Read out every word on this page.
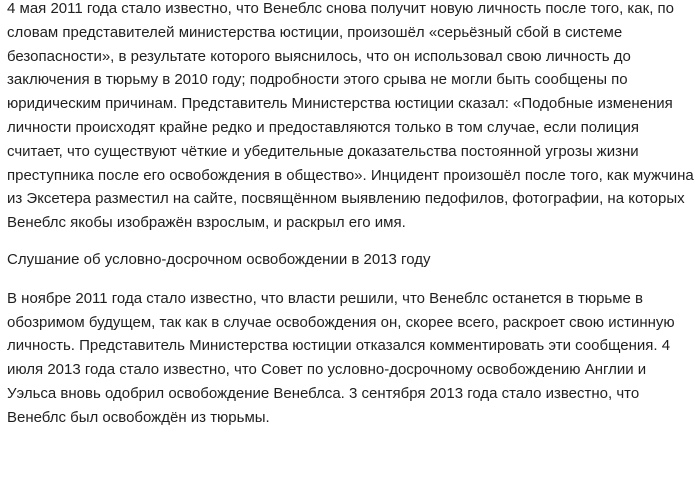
4 мая 2011 года стало известно, что Венеблс снова получит новую личность после того, как, по словам представителей министерства юстиции, произошёл «серьёзный сбой в системе безопасности», в результате которого выяснилось, что он использовал свою личность до заключения в тюрьму в 2010 году; подробности этого срыва не могли быть сообщены по юридическим причинам. Представитель Министерства юстиции сказал: «Подобные изменения личности происходят крайне редко и предоставляются только в том случае, если полиция считает, что существуют чёткие и убедительные доказательства постоянной угрозы жизни преступника после его освобождения в общество». Инцидент произошёл после того, как мужчина из Эксетера разместил на сайте, посвящённом выявлению педофилов, фотографии, на которых Венеблс якобы изображён взрослым, и раскрыл его имя.

Слушание об условно-досрочном освобождении в 2013 году

В ноябре 2011 года стало известно, что власти решили, что Венеблс останется в тюрьме в обозримом будущем, так как в случае освобождения он, скорее всего, раскроет свою истинную личность. Представитель Министерства юстиции отказался комментировать эти сообщения. 4 июля 2013 года стало известно, что Совет по условно-досрочному освобождению Англии и Уэльса вновь одобрил освобождение Венеблса. 3 сентября 2013 года стало известно, что Венеблс был освобождён из тюрьмы.
